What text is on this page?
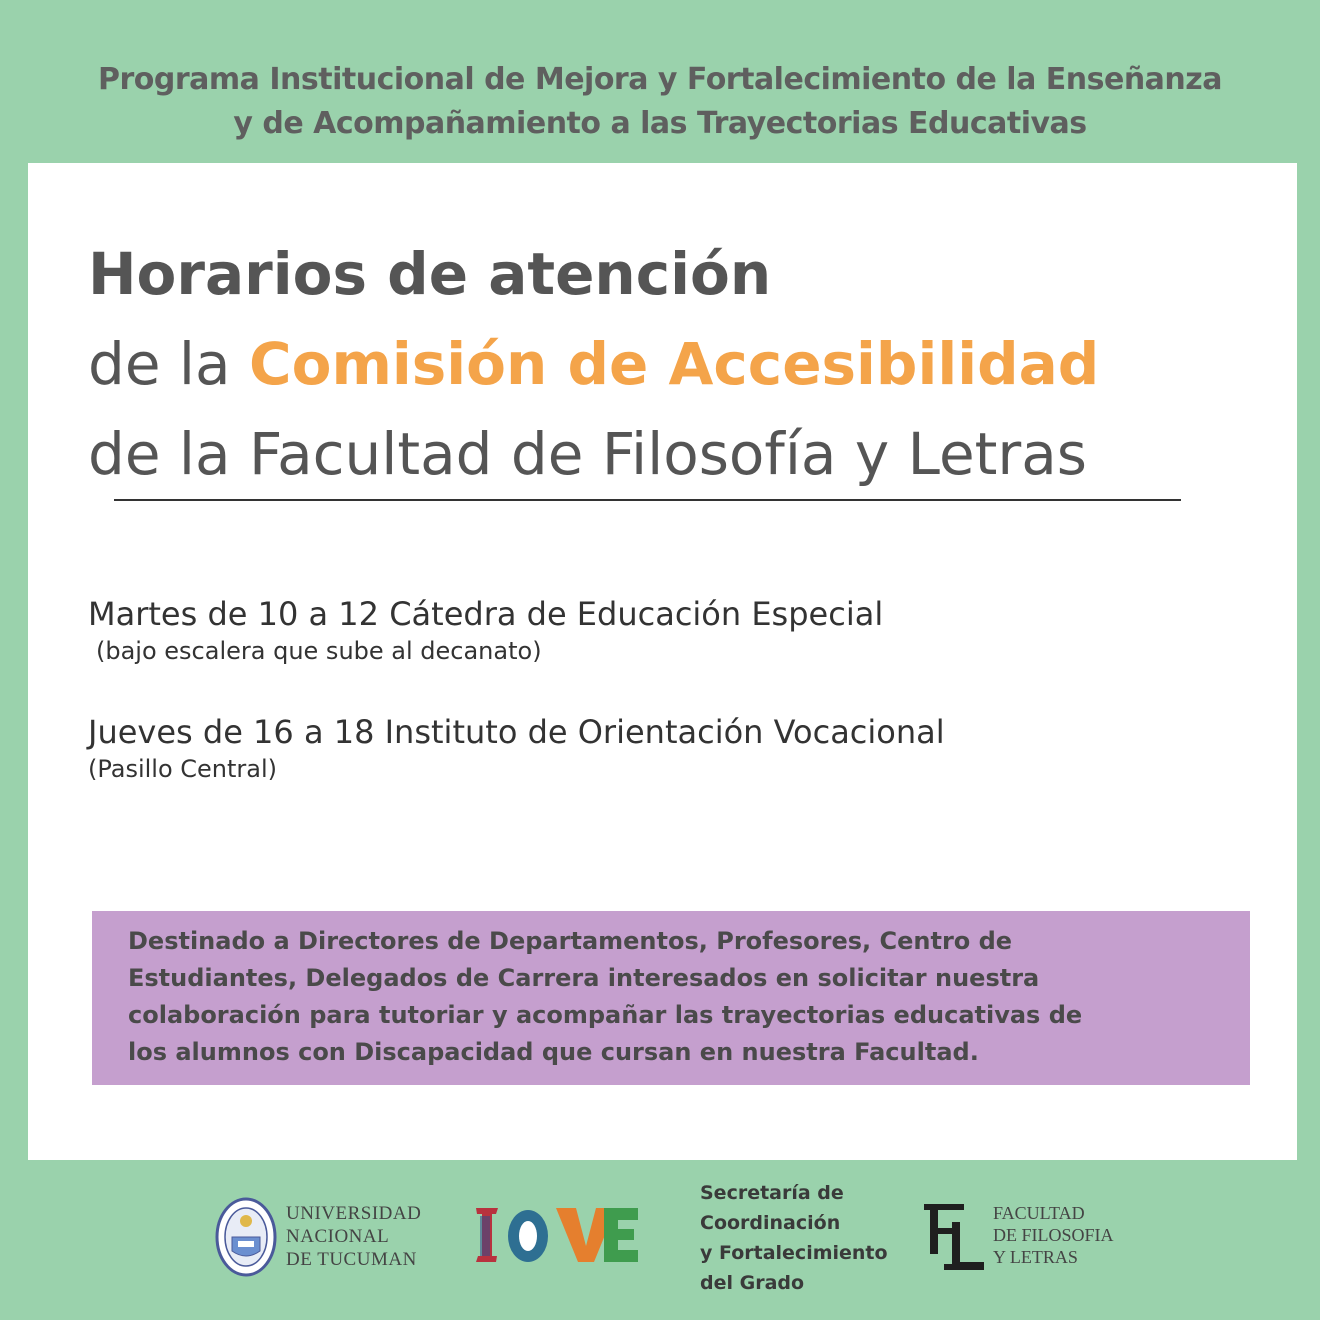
Programa Institucional de Mejora y Fortalecimiento de la Enseñanza
y de Acompañamiento a las Trayectorias Educativas
Horarios de atención
de la Comisión de Accesibilidad
de la Facultad de Filosofía y Letras
Martes de 10 a 12 Cátedra de Educación Especial
(bajo escalera que sube al decanato)
Jueves de 16 a 18 Instituto de Orientación Vocacional
(Pasillo Central)
Destinado a Directores de Departamentos, Profesores, Centro de
Estudiantes, Delegados de Carrera interesados en solicitar nuestra
colaboración para tutoriar y acompañar las trayectorias educativas de
los alumnos con Discapacidad que cursan en nuestra Facultad.
UNIVERSIDAD
NACIONAL
DE TUCUMAN
Secretaría de
Coordinación
y Fortalecimiento
del Grado
FACULTAD
DE FILOSOFIA
Y LETRAS
